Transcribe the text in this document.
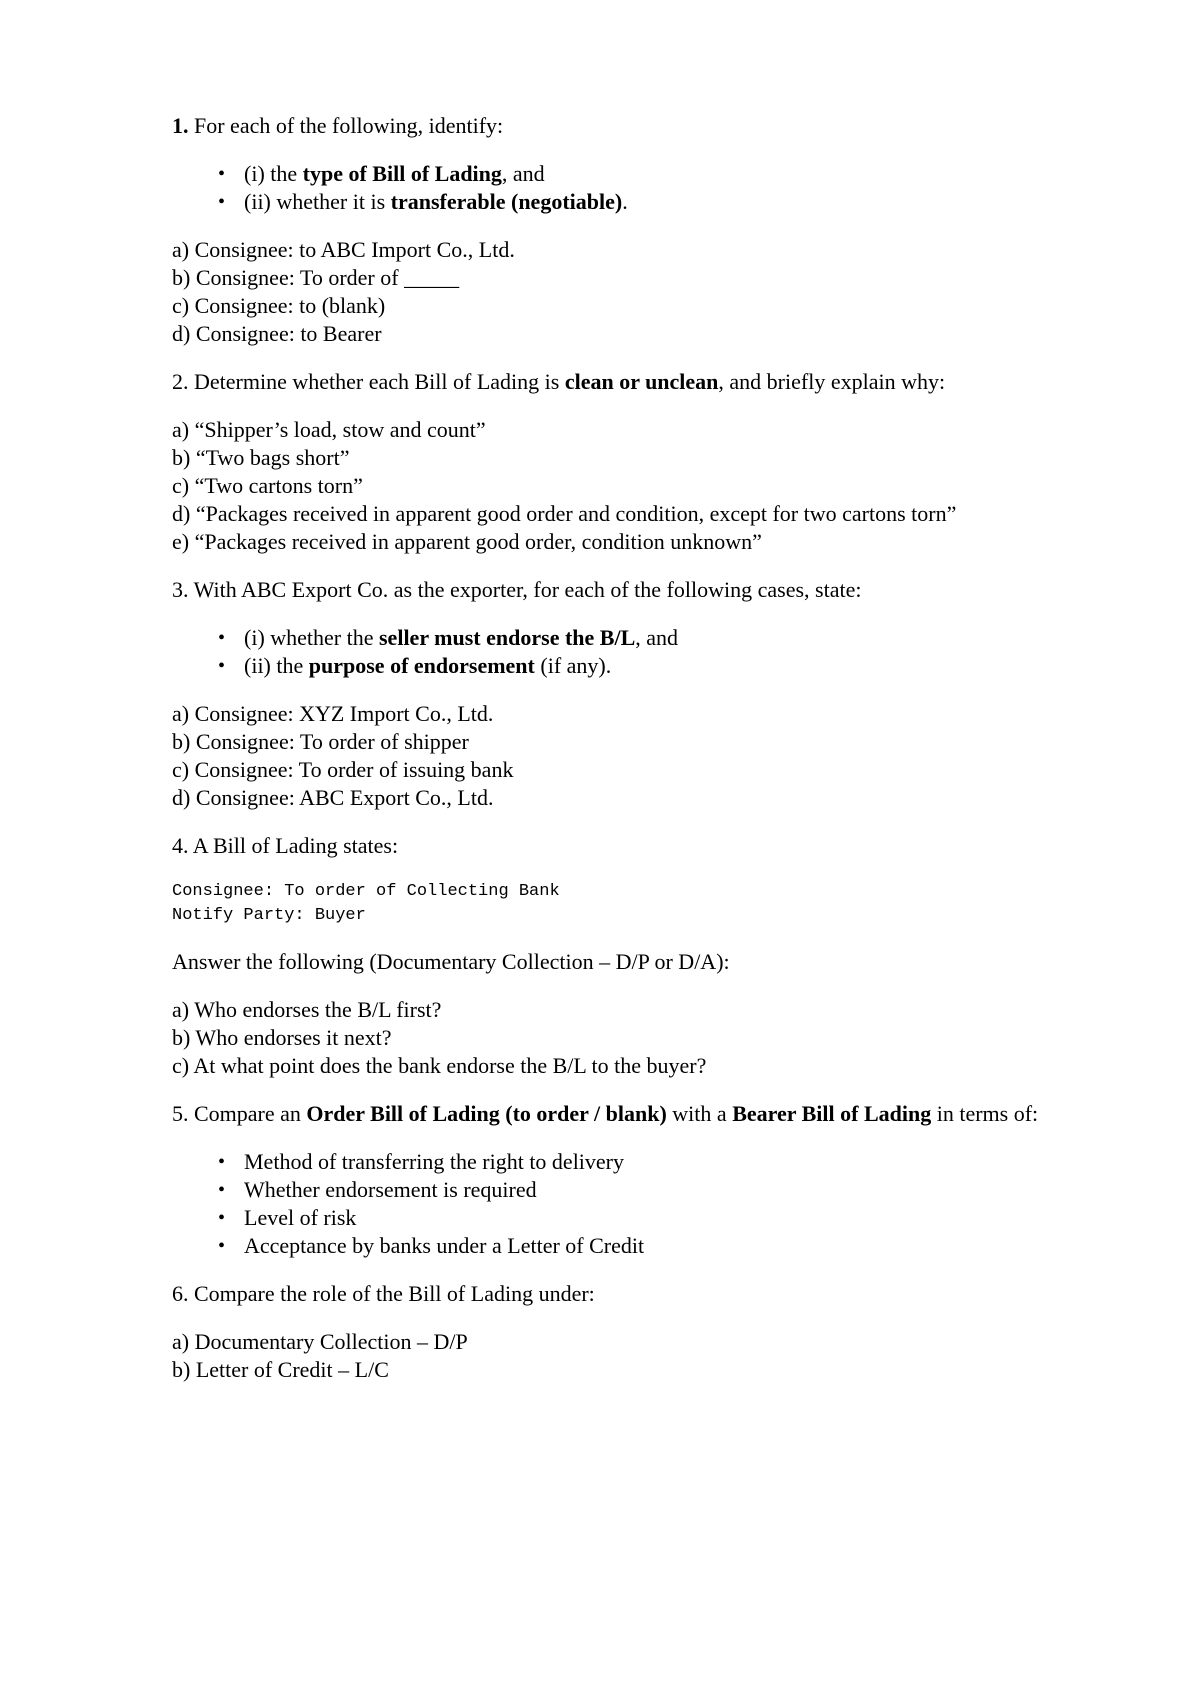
1. For each of the following, identify:
• (i) the type of Bill of Lading, and
• (ii) whether it is transferable (negotiable).
a) Consignee: to ABC Import Co., Ltd.
b) Consignee: To order of _____
c) Consignee: to (blank)
d) Consignee: to Bearer
2. Determine whether each Bill of Lading is clean or unclean, and briefly explain why:
a) “Shipper’s load, stow and count”
b) “Two bags short”
c) “Two cartons torn”
d) “Packages received in apparent good order and condition, except for two cartons torn”
e) “Packages received in apparent good order, condition unknown”
3. With ABC Export Co. as the exporter, for each of the following cases, state:
• (i) whether the seller must endorse the B/L, and
• (ii) the purpose of endorsement (if any).
a) Consignee: XYZ Import Co., Ltd.
b) Consignee: To order of shipper
c) Consignee: To order of issuing bank
d) Consignee: ABC Export Co., Ltd.
4. A Bill of Lading states:
Consignee: To order of Collecting Bank
Notify Party: Buyer
Answer the following (Documentary Collection – D/P or D/A):
a) Who endorses the B/L first?
b) Who endorses it next?
c) At what point does the bank endorse the B/L to the buyer?
5. Compare an Order Bill of Lading (to order / blank) with a Bearer Bill of Lading in terms of:
• Method of transferring the right to delivery
• Whether endorsement is required
• Level of risk
• Acceptance by banks under a Letter of Credit
6. Compare the role of the Bill of Lading under:
a) Documentary Collection – D/P
b) Letter of Credit – L/C
